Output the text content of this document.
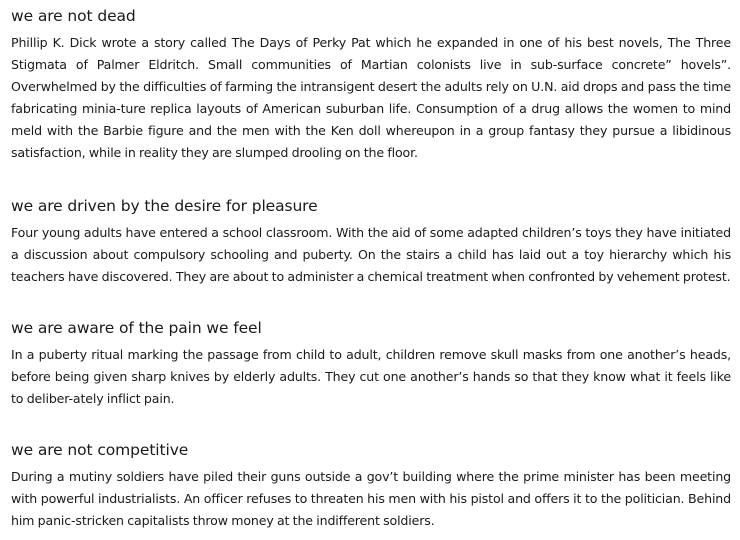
we are not dead

Phillip K. Dick wrote a story called The Days of Perky Pat which he expanded in one of his best novels, The Three Stigmata of Palmer Eldritch. Small communities of Martian colonists live in sub-surface concrete” hovels”. Overwhelmed by the difficulties of farming the intransigent desert the adults rely on U.N. aid drops and pass the time fabricating minia-ture replica layouts of American suburban life. Consumption of a drug allows the women to mind meld with the Barbie figure and the men with the Ken doll whereupon in a group fantasy they pursue a libidinous satisfaction, while in reality they are slumped drooling on the floor.

we are driven by the desire for pleasure

Four young adults have entered a school classroom. With the aid of some adapted children’s toys they have initiated a discussion about compulsory schooling and puberty. On the stairs a child has laid out a toy hierarchy which his teachers have discovered. They are about to administer a chemical treatment when confronted by vehement protest.

we are aware of the pain we feel

In a puberty ritual marking the passage from child to adult, children remove skull masks from one another’s heads, before being given sharp knives by elderly adults. They cut one another’s hands so that they know what it feels like to deliber-ately inflict pain.

we are not competitive

During a mutiny soldiers have piled their guns outside a gov’t building where the prime minister has been meeting with powerful industrialists. An officer refuses to threaten his men with his pistol and offers it to the politician. Behind him panic-stricken capitalists throw money at the indifferent soldiers.
